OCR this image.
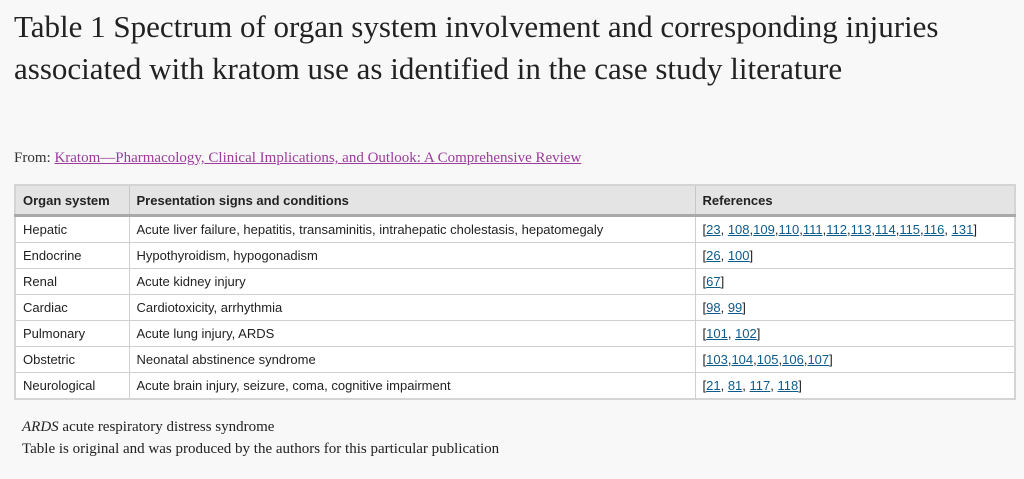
Table 1 Spectrum of organ system involvement and corresponding injuries associated with kratom use as identified in the case study literature
From: Kratom—Pharmacology, Clinical Implications, and Outlook: A Comprehensive Review
Organ system	Presentation signs and conditions	References
Hepatic	Acute liver failure, hepatitis, transaminitis, intrahepatic cholestasis, hepatomegaly	[23, 108,109,110,111,112,113,114,115,116, 131]
Endocrine	Hypothyroidism, hypogonadism	[26, 100]
Renal	Acute kidney injury	[67]
Cardiac	Cardiotoxicity, arrhythmia	[98, 99]
Pulmonary	Acute lung injury, ARDS	[101, 102]
Obstetric	Neonatal abstinence syndrome	[103,104,105,106,107]
Neurological	Acute brain injury, seizure, coma, cognitive impairment	[21, 81, 117, 118]
ARDS acute respiratory distress syndrome
Table is original and was produced by the authors for this particular publication
